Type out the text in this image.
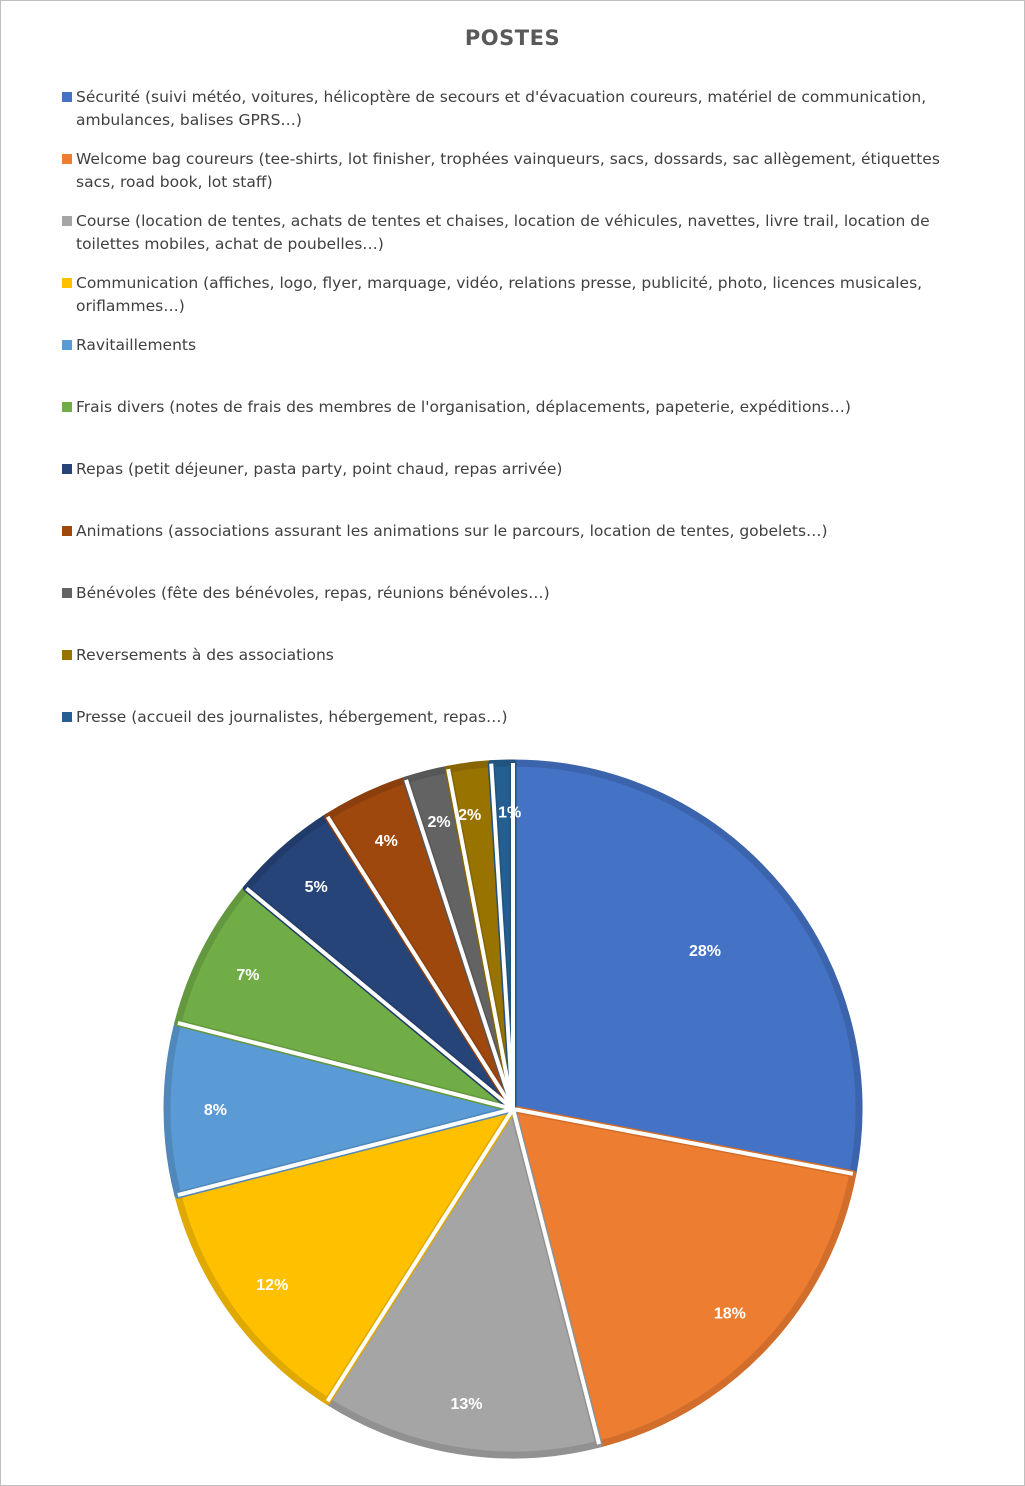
POSTES
Sécurité (suivi météo, voitures, hélicoptère de secours et d'évacuation coureurs, matériel de communication, ambulances, balises GPRS…)
Welcome bag coureurs (tee-shirts, lot finisher, trophées vainqueurs, sacs, dossards, sac allègement, étiquettes sacs, road book, lot staff)
Course (location de tentes, achats de tentes et chaises, location de véhicules, navettes, livre trail, location de toilettes mobiles, achat de poubelles…)
Communication (affiches, logo, flyer, marquage, vidéo, relations presse, publicité, photo, licences musicales, oriflammes…)
Ravitaillements
Frais divers (notes de frais des membres de l'organisation, déplacements, papeterie, expéditions…)
Repas (petit déjeuner, pasta party, point chaud, repas arrivée)
Animations (associations assurant les animations sur le parcours, location de tentes, gobelets…)
Bénévoles (fête des bénévoles, repas, réunions bénévoles…)
Reversements à des associations
Presse (accueil des journalistes, hébergement, repas…)
28%
18%
13%
12%
8%
7%
5%
4%
2% 2% 1%
